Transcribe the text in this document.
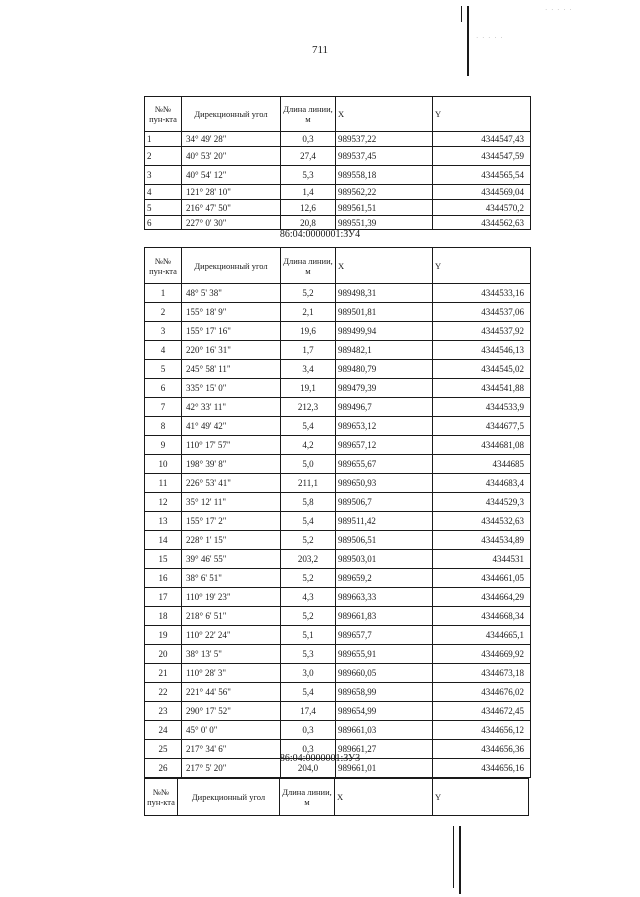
711
· · · · ·
· · · · ·
№№ пун-кта	Дирекционный угол	Длина линии, м	X	Y
1	34° 49' 28"	0,3	989537,22	4344547,43
2	40° 53' 20"	27,4	989537,45	4344547,59
3	40° 54' 12"	5,3	989558,18	4344565,54
4	121° 28' 10"	1,4	989562,22	4344569,04
5	216° 47' 50"	12,6	989561,51	4344570,2
6	227° 0' 30"	20,8	989551,39	4344562,63
86:04:0000001:ЗУ4
№№ пун-кта	Дирекционный угол	Длина линии, м	X	Y
1	48° 5' 38"	5,2	989498,31	4344533,16
2	155° 18' 9"	2,1	989501,81	4344537,06
3	155° 17' 16"	19,6	989499,94	4344537,92
4	220° 16' 31"	1,7	989482,1	4344546,13
5	245° 58' 11"	3,4	989480,79	4344545,02
6	335° 15' 0"	19,1	989479,39	4344541,88
7	42° 33' 11"	212,3	989496,7	4344533,9
8	41° 49' 42"	5,4	989653,12	4344677,5
9	110° 17' 57"	4,2	989657,12	4344681,08
10	198° 39' 8"	5,0	989655,67	4344685
11	226° 53' 41"	211,1	989650,93	4344683,4
12	35° 12' 11"	5,8	989506,7	4344529,3
13	155° 17' 2"	5,4	989511,42	4344532,63
14	228° 1' 15"	5,2	989506,51	4344534,89
15	39° 46' 55"	203,2	989503,01	4344531
16	38° 6' 51"	5,2	989659,2	4344661,05
17	110° 19' 23"	4,3	989663,33	4344664,29
18	218° 6' 51"	5,2	989661,83	4344668,34
19	110° 22' 24"	5,1	989657,7	4344665,1
20	38° 13' 5"	5,3	989655,91	4344669,92
21	110° 28' 3"	3,0	989660,05	4344673,18
22	221° 44' 56"	5,4	989658,99	4344676,02
23	290° 17' 52"	17,4	989654,99	4344672,45
24	45° 0' 0"	0,3	989661,03	4344656,12
25	217° 34' 6"	0,3	989661,27	4344656,36
26	217° 5' 20"	204,0	989661,01	4344656,16
86:04:0000001:ЗУ3
№№ пун-кта	Дирекционный угол	Длина линии, м	X	Y
